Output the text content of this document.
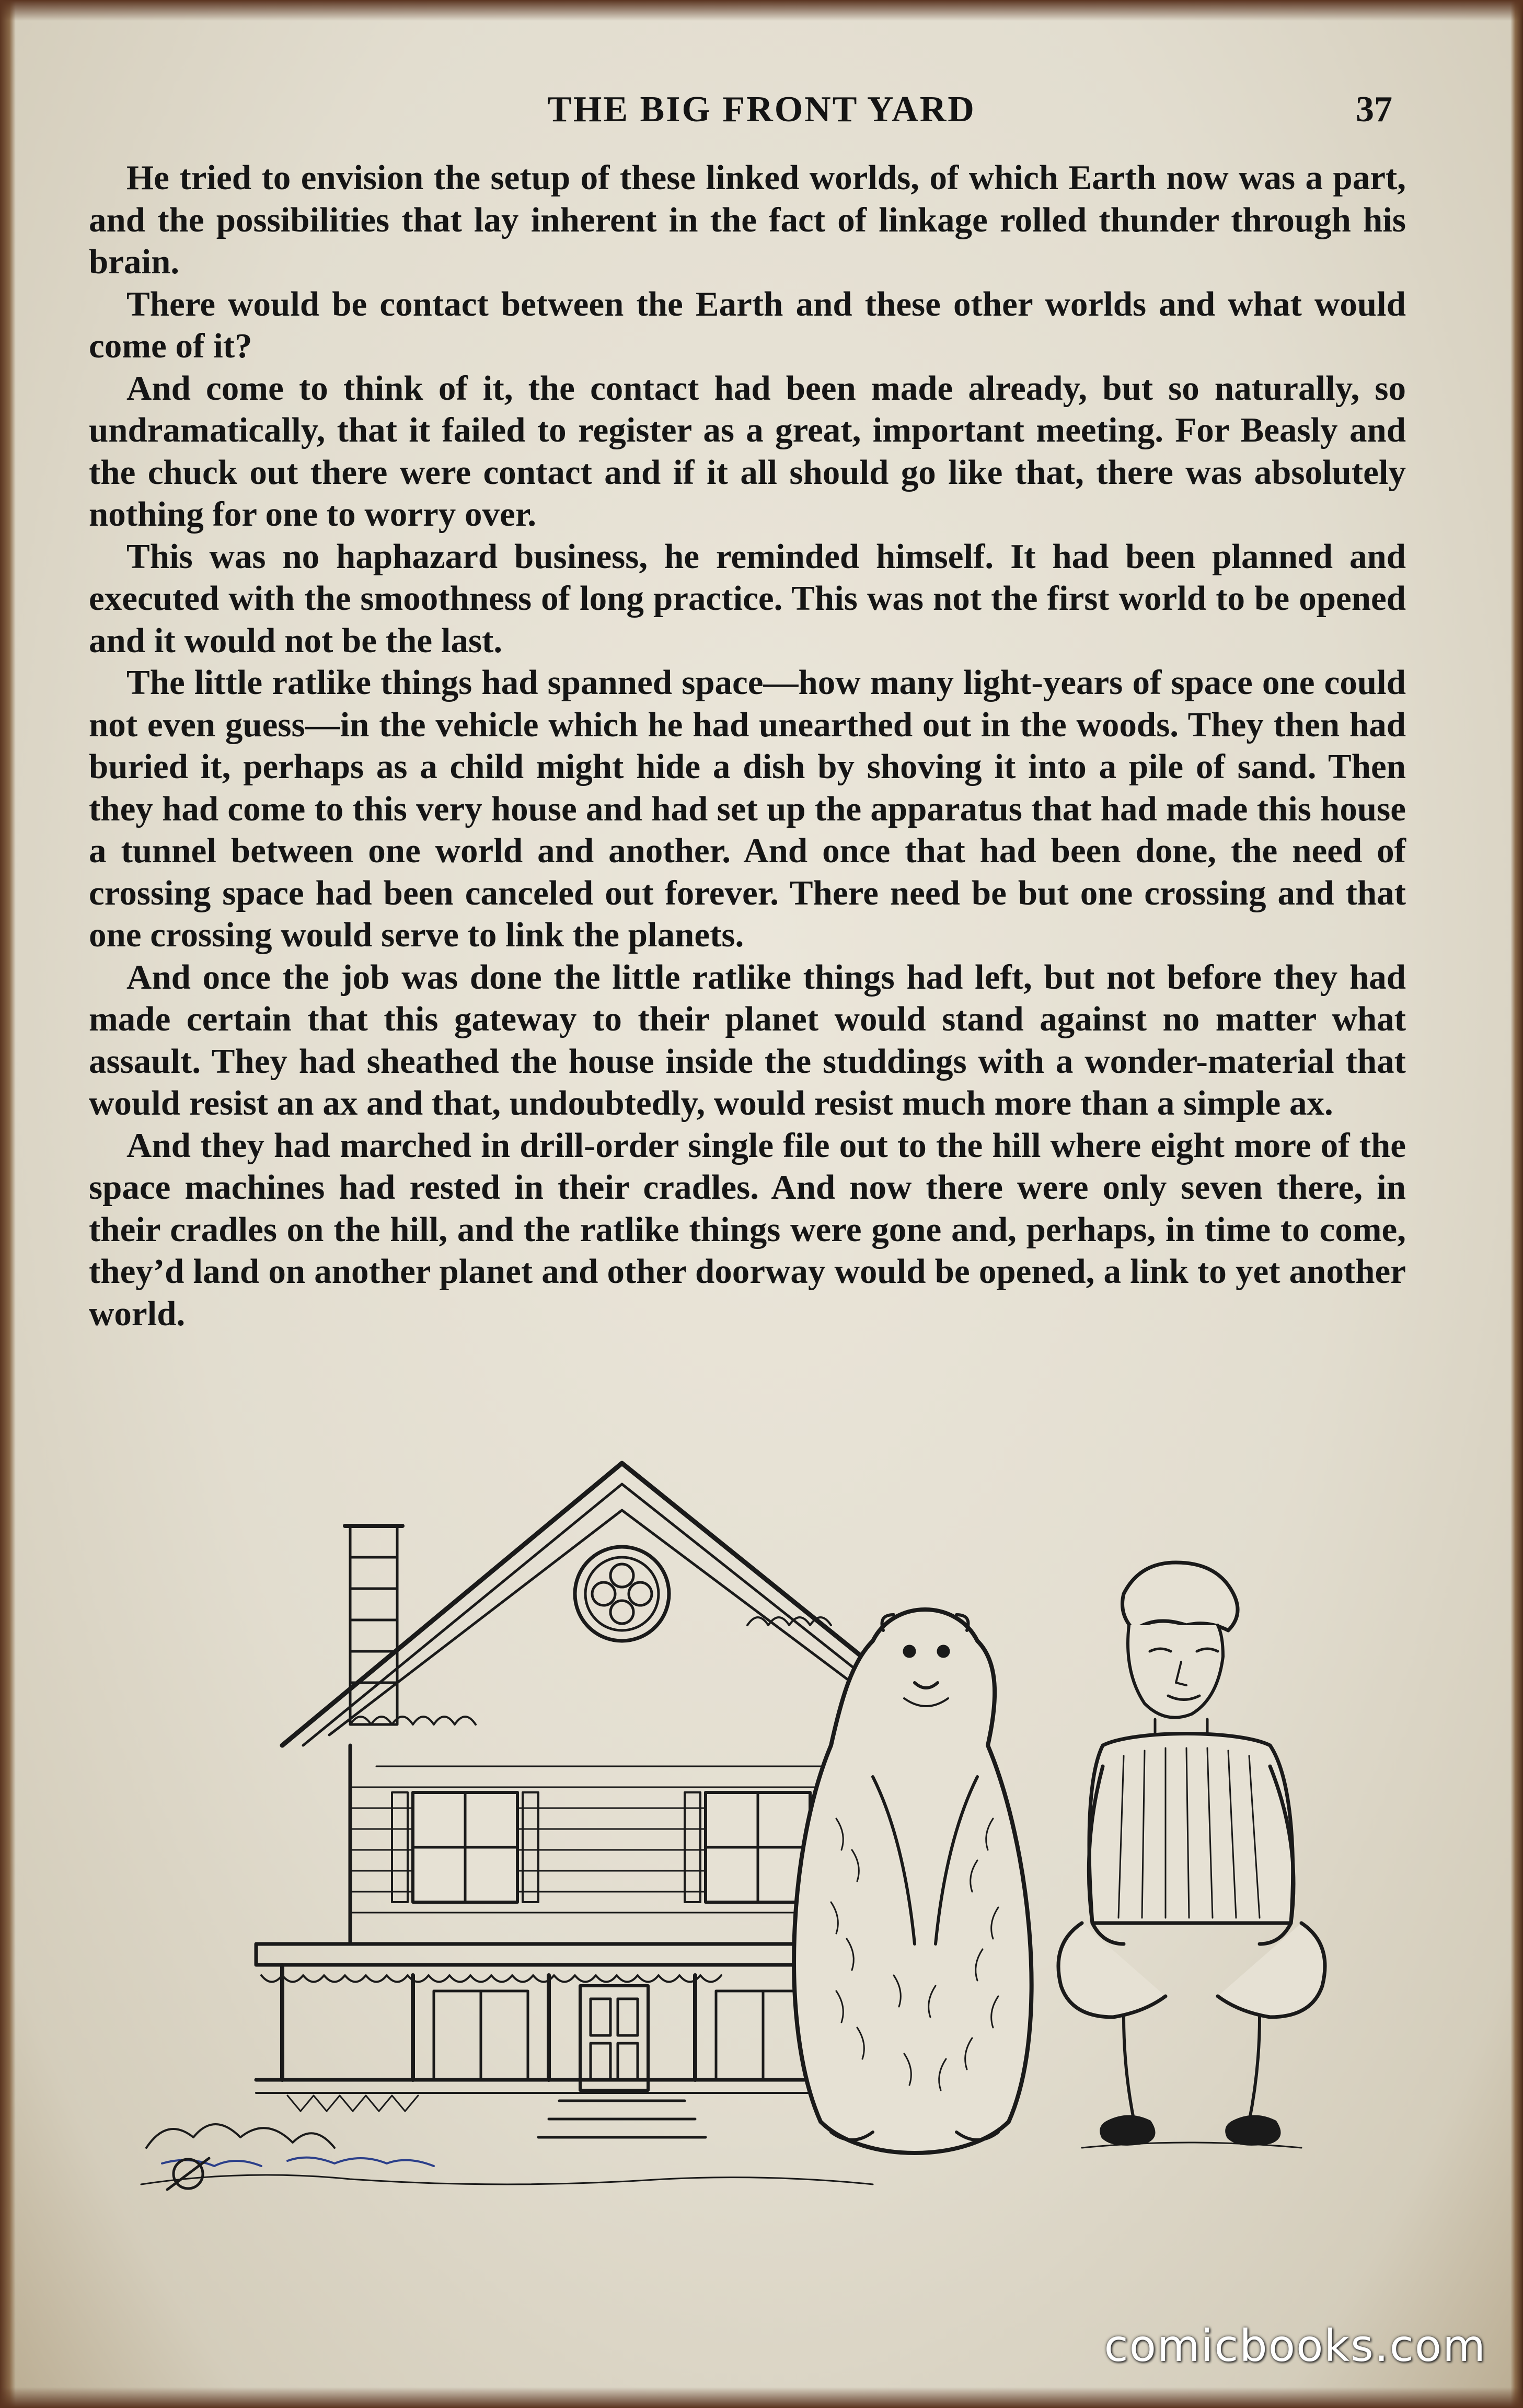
THE BIG FRONT YARD	37

He tried to envision the setup of these linked worlds, of which Earth now was a part, and the possibilities that lay inherent in the fact of linkage rolled thunder through his brain.

There would be contact between the Earth and these other worlds and what would come of it?

And come to think of it, the contact had been made already, but so naturally, so undramatically, that it failed to register as a great, important meeting. For Beasly and the chuck out there were contact and if it all should go like that, there was absolutely nothing for one to worry over.

This was no haphazard business, he reminded himself. It had been planned and executed with the smoothness of long practice. This was not the first world to be opened and it would not be the last.

The little ratlike things had spanned space—how many light-years of space one could not even guess—in the vehicle which he had unearthed out in the woods. They then had buried it, perhaps as a child might hide a dish by shoving it into a pile of sand. Then they had come to this very house and had set up the apparatus that had made this house a tunnel between one world and another. And once that had been done, the need of crossing space had been canceled out forever. There need be but one crossing and that one crossing would serve to link the planets.

And once the job was done the little ratlike things had left, but not before they had made certain that this gateway to their planet would stand against no matter what assault. They had sheathed the house inside the studdings with a wonder-material that would resist an ax and that, undoubtedly, would resist much more than a simple ax.

And they had marched in drill-order single file out to the hill where eight more of the space machines had rested in their cradles. And now there were only seven there, in their cradles on the hill, and the ratlike things were gone and, perhaps, in time to come, they’d land on another planet and other doorway would be opened, a link to yet another world.

comicbooks.com
